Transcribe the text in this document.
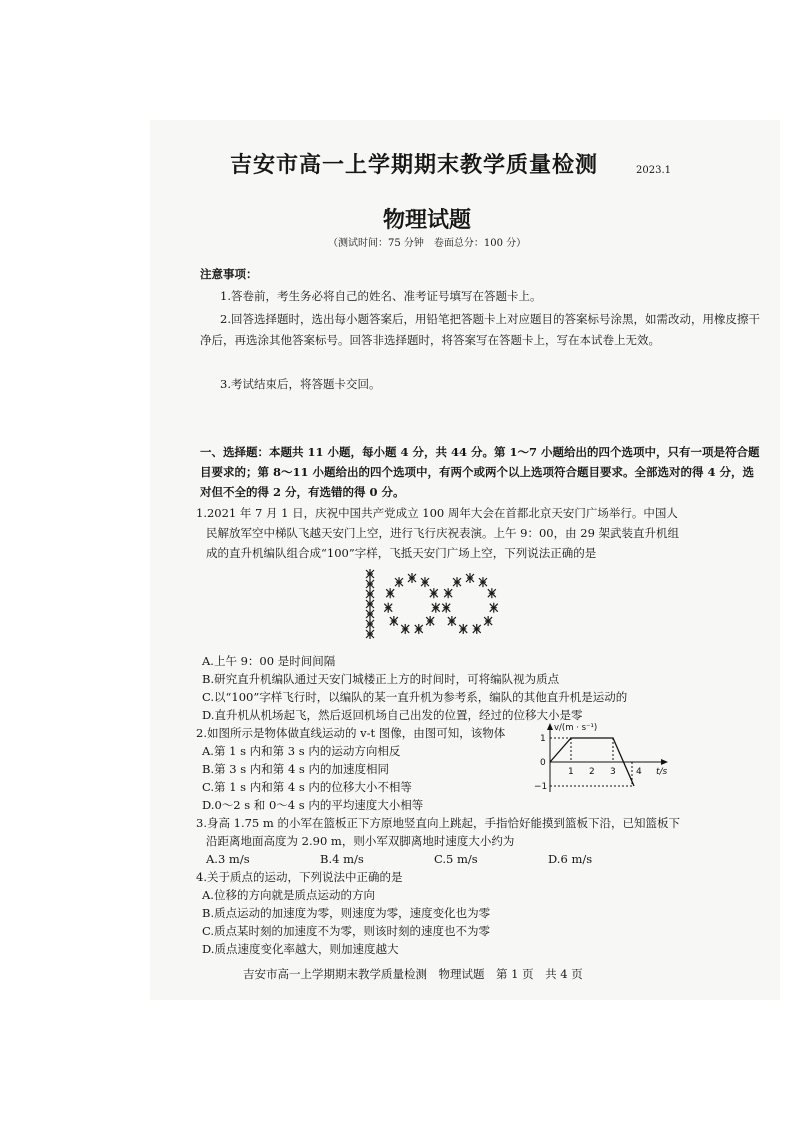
吉安市高一上学期期末教学质量检测	2023.1
物理试题
（测试时间：75 分钟　卷面总分：100 分）
注意事项：
1.答卷前，考生务必将自己的姓名、准考证号填写在答题卡上。
2.回答选择题时，选出每小题答案后，用铅笔把答题卡上对应题目的答案标号涂黑，如需改动，用橡皮擦干净后，再选涂其他答案标号。回答非选择题时，将答案写在答题卡上，写在本试卷上无效。
3.考试结束后，将答题卡交回。
一、选择题：本题共 11 小题，每小题 4 分，共 44 分。第 1～7 小题给出的四个选项中，只有一项是符合题目要求的；第 8～11 小题给出的四个选项中，有两个或两个以上选项符合题目要求。全部选对的得 4 分，选对但不全的得 2 分，有选错的得 0 分。
1.2021 年 7 月 1 日，庆祝中国共产党成立 100 周年大会在首都北京天安门广场举行。中国人
民解放军空中梯队飞越天安门上空，进行飞行庆祝表演。上午 9：00，由 29 架武装直升机组
成的直升机编队组合成“100”字样，飞抵天安门广场上空，下列说法正确的是
A.上午 9：00 是时间间隔
B.研究直升机编队通过天安门城楼正上方的时间时，可将编队视为质点
C.以“100”字样飞行时，以编队的某一直升机为参考系，编队的其他直升机是运动的
D.直升机从机场起飞，然后返回机场自己出发的位置，经过的位移大小是零
2.如图所示是物体做直线运动的 v-t 图像，由图可知，该物体
A.第 1 s 内和第 3 s 内的运动方向相反
B.第 3 s 内和第 4 s 内的加速度相同
C.第 1 s 内和第 4 s 内的位移大小不相等
D.0～2 s 和 0～4 s 内的平均速度大小相等
v/(m · s⁻¹)
t/s
1
0
−1
1 2 3 4
3.身高 1.75 m 的小军在篮板正下方原地竖直向上跳起，手指恰好能摸到篮板下沿，已知篮板下
吉安市高一上学期期末教学质量检测　物理试题　第 1 页　共 4 页
沿距离地面高度为 2.90 m，则小军双脚离地时速度大小约为
A.3 m/s	B.4 m/s	C.5 m/s	D.6 m/s
4.关于质点的运动，下列说法中正确的是
A.位移的方向就是质点运动的方向
B.质点运动的加速度为零，则速度为零，速度变化也为零
C.质点某时刻的加速度不为零，则该时刻的速度也不为零
D.质点速度变化率越大，则加速度越大
